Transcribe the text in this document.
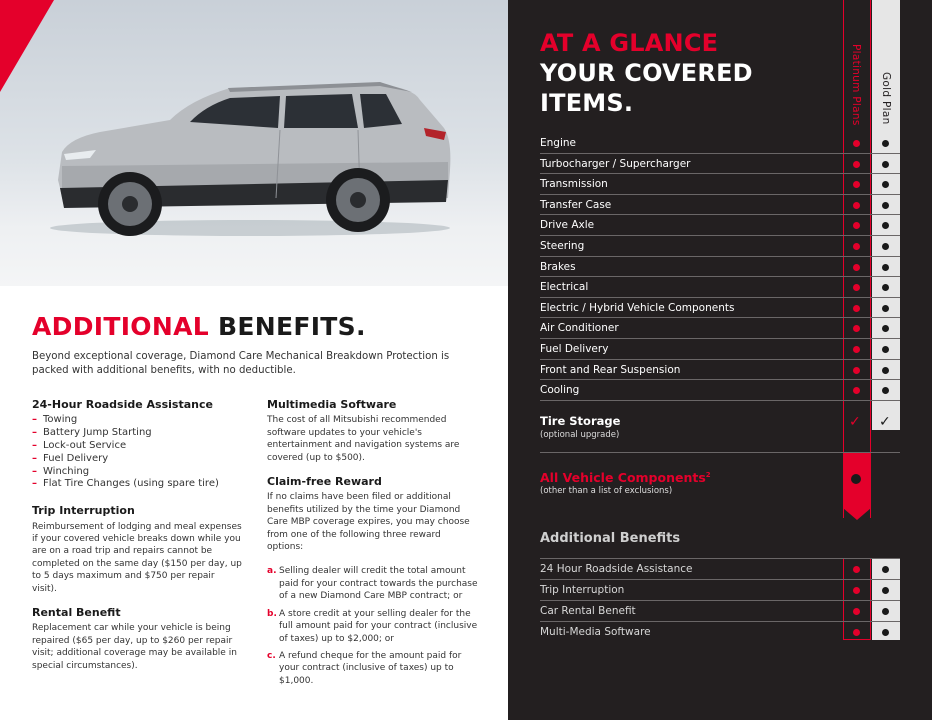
ADDITIONAL BENEFITS.
Beyond exceptional coverage, Diamond Care Mechanical Breakdown Protection is packed with additional benefits, with no deductible.
24-Hour Roadside Assistance
– Towing
– Battery Jump Starting
– Lock-out Service
– Fuel Delivery
– Winching
– Flat Tire Changes (using spare tire)
Trip Interruption

Reimbursement of lodging and meal expenses if your covered vehicle breaks down while you are on a road trip and repairs cannot be completed on the same day ($150 per day, up to 5 days maximum and $750 per repair visit).

Rental Benefit

Replacement car while your vehicle is being repaired ($65 per day, up to $260 per repair visit; additional coverage may be available in special circumstances).

Multimedia Software

The cost of all Mitsubishi recommended software updates to your vehicle's entertainment and navigation systems are covered (up to $500).

Claim-free Reward

If no claims have been filed or additional benefits utilized by the time your Diamond Care MBP coverage expires, you may choose from one of the following three reward options:

a. Selling dealer will credit the total amount paid for your contract towards the purchase of a new Diamond Care MBP contract; or
b. A store credit at your selling dealer for the full amount paid for your contract (inclusive of taxes) up to $2,000; or
c. A refund cheque for the amount paid for your contract (inclusive of taxes) up to $1,000.
Platinum Plans Gold Plan
AT A GLANCE
YOUR COVERED
ITEMS.
Engine
Turbocharger / Supercharger
Transmission
Transfer Case
Drive Axle
Steering
Brakes
Electrical
Electric / Hybrid Vehicle Components
Air Conditioner
Fuel Delivery
Front and Rear Suspension
Cooling
Tire Storage
(optional upgrade)
✓ ✓
All Vehicle Components$^2$
(other than a list of exclusions)
Additional Benefits
24 Hour Roadside Assistance
Trip Interruption
Car Rental Benefit
Multi-Media Software
